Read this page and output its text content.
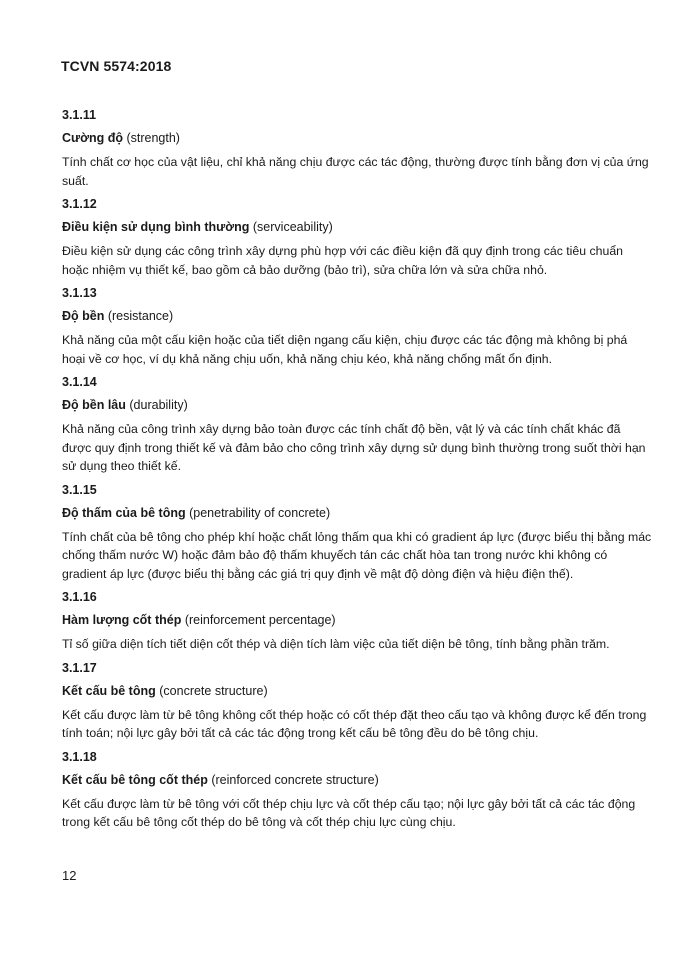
TCVN 5574:2018
3.1.11
Cường độ (strength)
Tính chất cơ học của vật liệu, chỉ khả năng chịu được các tác động, thường được tính bằng đơn vị của ứng suất.
3.1.12
Điều kiện sử dụng bình thường (serviceability)
Điều kiện sử dụng các công trình xây dựng phù hợp với các điều kiện đã quy định trong các tiêu chuẩn hoặc nhiệm vụ thiết kế, bao gồm cả bảo dưỡng (bảo trì), sửa chữa lớn và sửa chữa nhỏ.
3.1.13
Độ bền (resistance)
Khả năng của một cấu kiện hoặc của tiết diện ngang cấu kiện, chịu được các tác động mà không bị phá hoại về cơ học, ví dụ khả năng chịu uốn, khả năng chịu kéo, khả năng chống mất ổn định.
3.1.14
Độ bền lâu (durability)
Khả năng của công trình xây dựng bảo toàn được các tính chất độ bền, vật lý và các tính chất khác đã được quy định trong thiết kế và đảm bảo cho công trình xây dựng sử dụng bình thường trong suốt thời hạn sử dụng theo thiết kế.
3.1.15
Độ thấm của bê tông (penetrability of concrete)
Tính chất của bê tông cho phép khí hoặc chất lỏng thấm qua khi có gradient áp lực (được biểu thị bằng mác chống thấm nước W) hoặc đảm bảo độ thấm khuyếch tán các chất hòa tan trong nước khi không có gradient áp lực (được biểu thị bằng các giá trị quy định về mật độ dòng điện và hiệu điện thế).
3.1.16
Hàm lượng cốt thép (reinforcement percentage)
Tỉ số giữa diện tích tiết diện cốt thép và diện tích làm việc của tiết diện bê tông, tính bằng phần trăm.
3.1.17
Kết cấu bê tông (concrete structure)
Kết cấu được làm từ bê tông không cốt thép hoặc có cốt thép đặt theo cấu tạo và không được kể đến trong tính toán; nội lực gây bởi tất cả các tác động trong kết cấu bê tông đều do bê tông chịu.
3.1.18
Kết cấu bê tông cốt thép (reinforced concrete structure)
Kết cấu được làm từ bê tông với cốt thép chịu lực và cốt thép cấu tạo; nội lực gây bởi tất cả các tác động trong kết cấu bê tông cốt thép do bê tông và cốt thép chịu lực cùng chịu.
12
